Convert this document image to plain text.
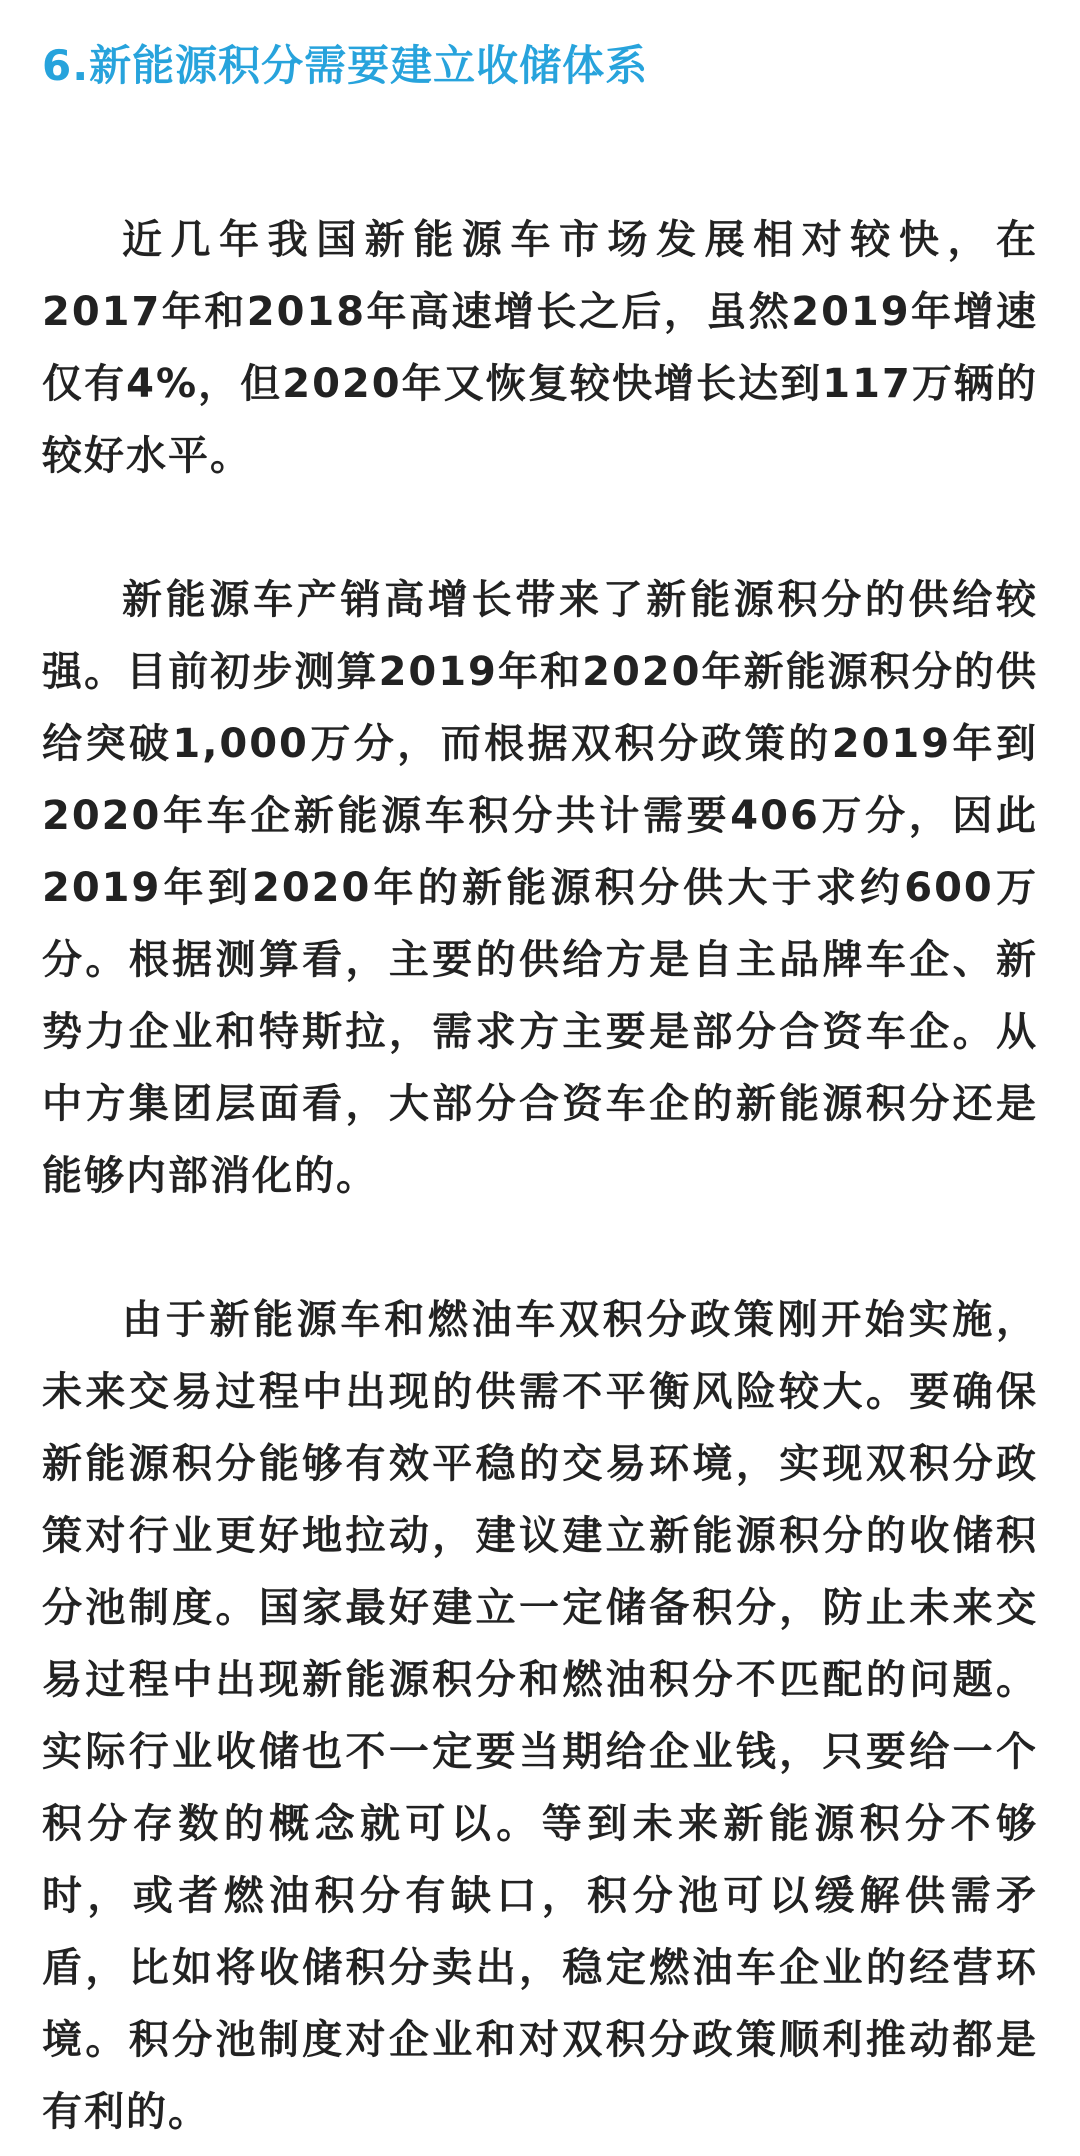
6.新能源积分需要建立收储体系

近几年我国新能源车市场发展相对较快，在2017年和2018年高速增长之后，虽然2019年增速仅有4%，但2020年又恢复较快增长达到117万辆的较好水平。

新能源车产销高增长带来了新能源积分的供给较强。目前初步测算2019年和2020年新能源积分的供给突破1,000万分，而根据双积分政策的2019年到2020年车企新能源车积分共计需要406万分，因此2019年到2020年的新能源积分供大于求约600万分。根据测算看，主要的供给方是自主品牌车企、新势力企业和特斯拉，需求方主要是部分合资车企。从中方集团层面看，大部分合资车企的新能源积分还是能够内部消化的。

由于新能源车和燃油车双积分政策刚开始实施，未来交易过程中出现的供需不平衡风险较大。要确保新能源积分能够有效平稳的交易环境，实现双积分政策对行业更好地拉动，建议建立新能源积分的收储积分池制度。国家最好建立一定储备积分，防止未来交易过程中出现新能源积分和燃油积分不匹配的问题。实际行业收储也不一定要当期给企业钱，只要给一个积分存数的概念就可以。等到未来新能源积分不够时，或者燃油积分有缺口，积分池可以缓解供需矛盾，比如将收储积分卖出，稳定燃油车企业的经营环境。积分池制度对企业和对双积分政策顺利推动都是有利的。
